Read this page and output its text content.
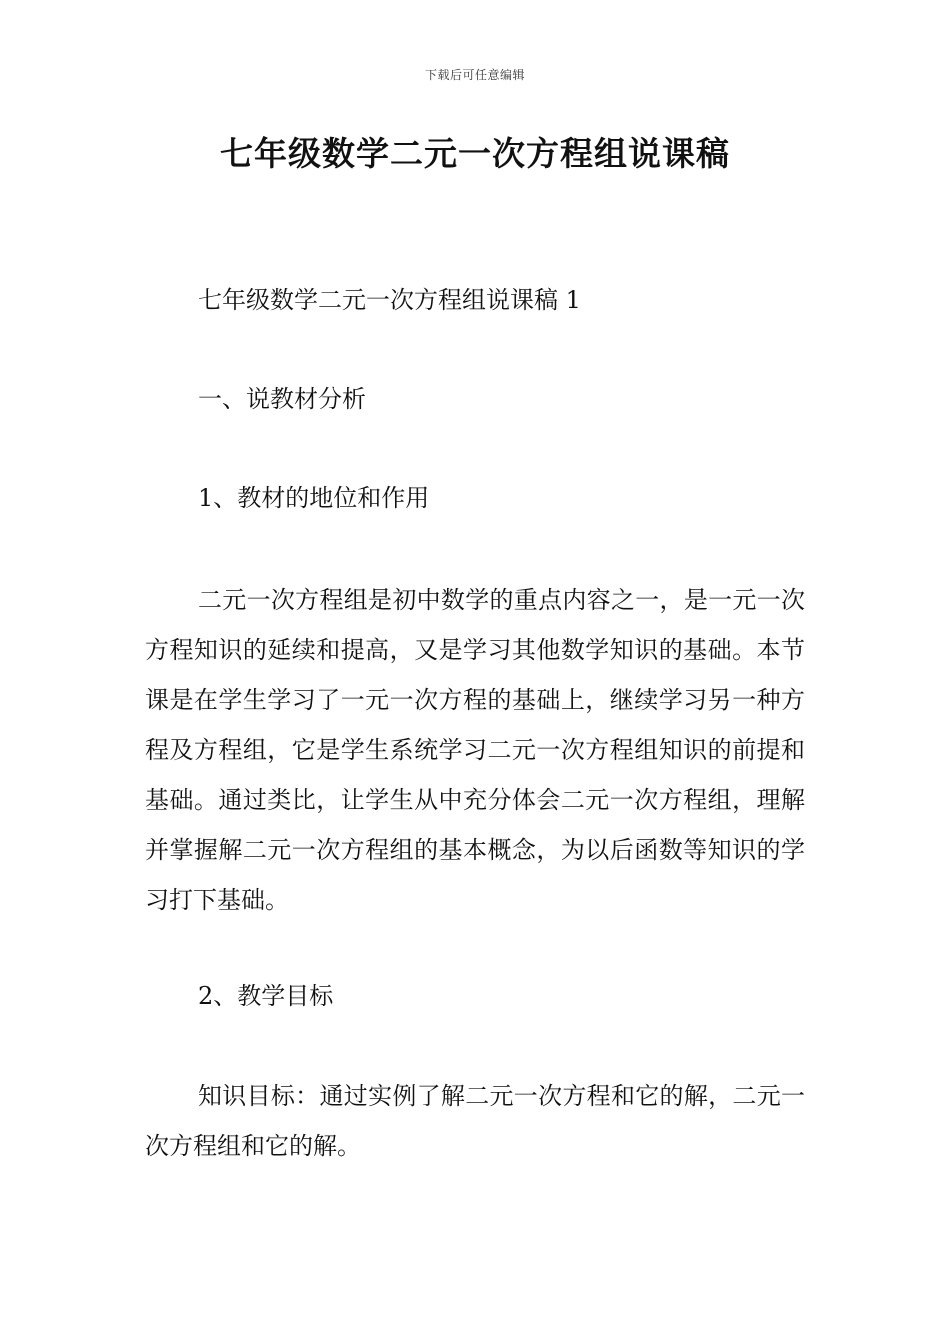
下载后可任意编辑
七年级数学二元一次方程组说课稿
七年级数学二元一次方程组说课稿 1
一、说教材分析
1、教材的地位和作用

二元一次方程组是初中数学的重点内容之一，是一元一次方程知识的延续和提高，又是学习其他数学知识的基础。本节课是在学生学习了一元一次方程的基础上，继续学习另一种方程及方程组，它是学生系统学习二元一次方程组知识的前提和基础。通过类比，让学生从中充分体会二元一次方程组，理解并掌握解二元一次方程组的基本概念，为以后函数等知识的学习打下基础。

2、教学目标

知识目标：通过实例了解二元一次方程和它的解，二元一次方程组和它的解。
